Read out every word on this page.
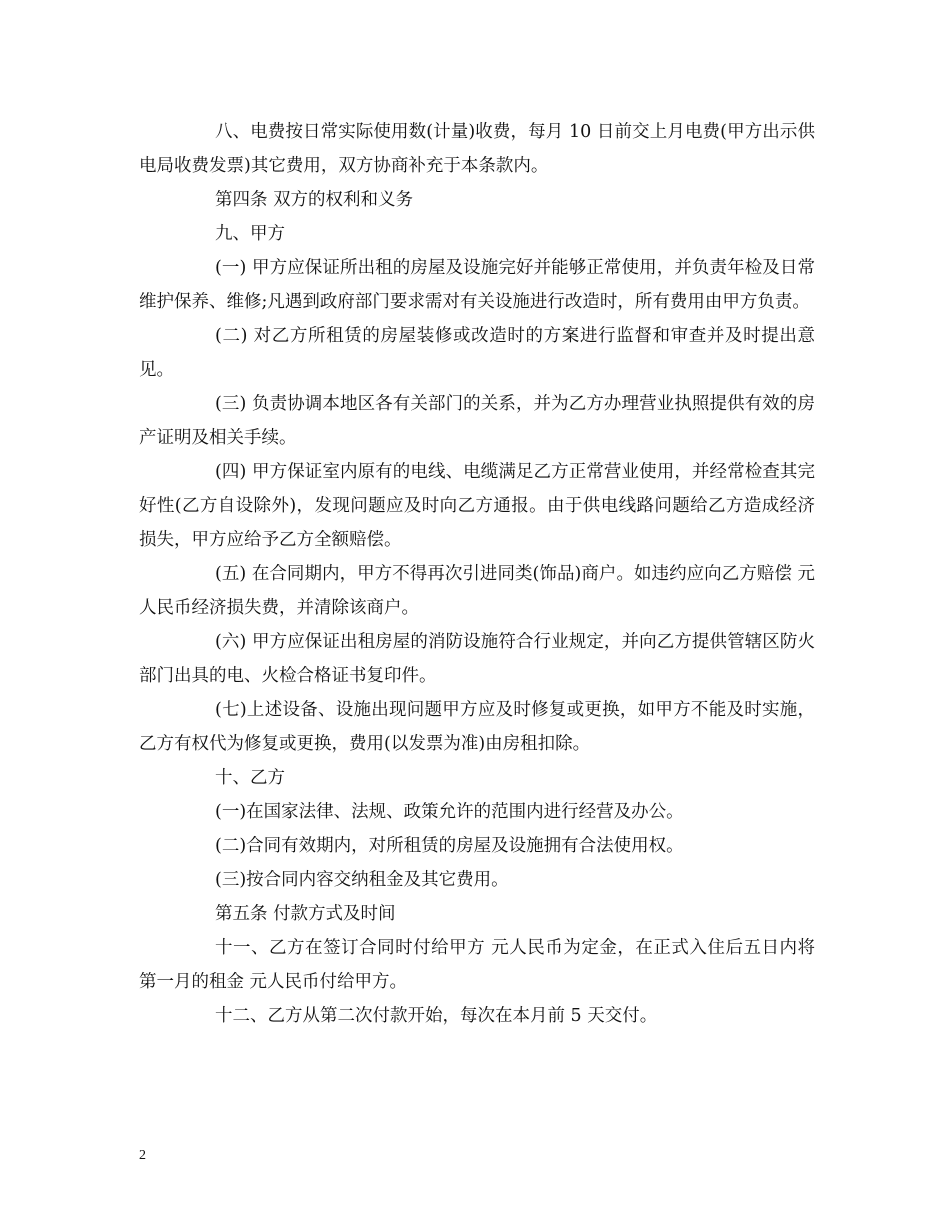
八、电费按日常实际使用数(计量)收费，每月 10 日前交上月电费(甲方出示供电局收费发票)其它费用，双方协商补充于本条款内。

第四条 双方的权利和义务

九、甲方

(一) 甲方应保证所出租的房屋及设施完好并能够正常使用，并负责年检及日常维护保养、维修;凡遇到政府部门要求需对有关设施进行改造时，所有费用由甲方负责。

(二) 对乙方所租赁的房屋装修或改造时的方案进行监督和审查并及时提出意见。

(三) 负责协调本地区各有关部门的关系，并为乙方办理营业执照提供有效的房产证明及相关手续。

(四) 甲方保证室内原有的电线、电缆满足乙方正常营业使用，并经常检查其完好性(乙方自设除外)，发现问题应及时向乙方通报。由于供电线路问题给乙方造成经济损失，甲方应给予乙方全额赔偿。

(五) 在合同期内，甲方不得再次引进同类(饰品)商户。如违约应向乙方赔偿 元人民币经济损失费，并清除该商户。

(六) 甲方应保证出租房屋的消防设施符合行业规定，并向乙方提供管辖区防火部门出具的电、火检合格证书复印件。

(七)上述设备、设施出现问题甲方应及时修复或更换，如甲方不能及时实施，乙方有权代为修复或更换，费用(以发票为准)由房租扣除。

十、乙方

(一)在国家法律、法规、政策允许的范围内进行经营及办公。

(二)合同有效期内，对所租赁的房屋及设施拥有合法使用权。

(三)按合同内容交纳租金及其它费用。

第五条 付款方式及时间

十一、乙方在签订合同时付给甲方 元人民币为定金，在正式入住后五日内将第一月的租金 元人民币付给甲方。

十二、乙方从第二次付款开始，每次在本月前 5 天交付。

2
